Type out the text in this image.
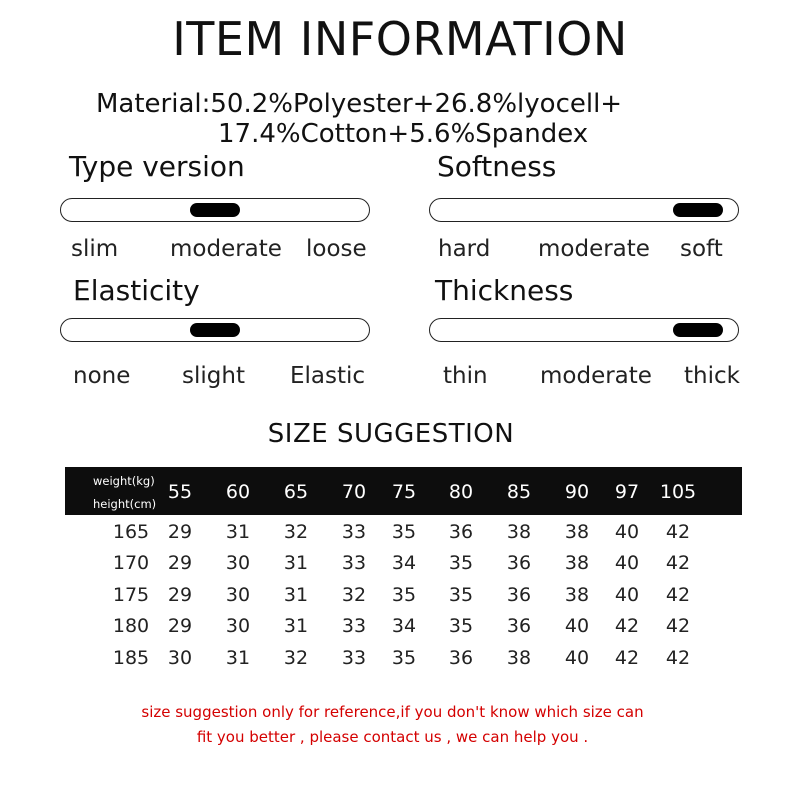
ITEM INFORMATION
Material:50.2%Polyester+26.8%lyocell+
17.4%Cotton+5.6%Spandex
Type version
slim moderate loose
Softness
hard moderate soft
Elasticity
none slight Elastic
Thickness
thin moderate thick
SIZE SUGGESTION
weight(kg)
height(cm)
55	60	65	70	75	80	85	90	97	105
165 29	31	32	33	35	36	38	38	40	42
170 29	30	31	33	34	35	36	38	40	42
175 29	30	31	32	35	35	36	38	40	42
180 29	30	31	33	34	35	36	40	42	42
185 30	31	32	33	35	36	38	40	42	42
size suggestion only for reference,if you don't know which size can
fit you better , please contact us , we can help you .
